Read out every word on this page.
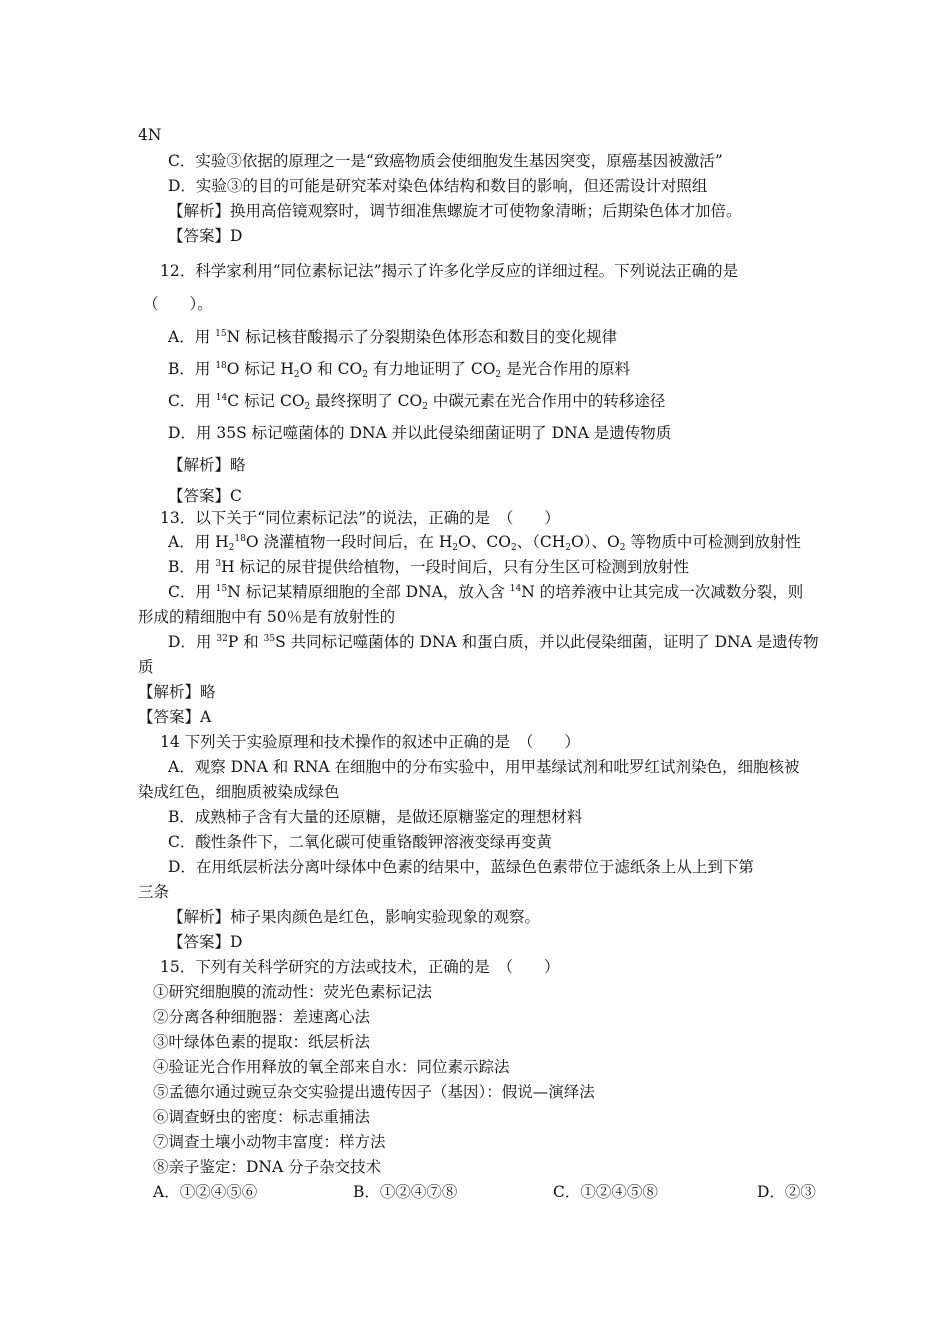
4N
C．实验③依据的原理之一是“致癌物质会使细胞发生基因突变，原癌基因被激活”
D．实验③的目的可能是研究苯对染色体结构和数目的影响，但还需设计对照组
【解析】换用高倍镜观察时，调节细准焦螺旋才可使物象清晰；后期染色体才加倍。
【答案】D
12．科学家利用“同位素标记法”揭示了许多化学反应的详细过程。下列说法正确的是
（　　）。
A．用 $^{15}$N 标记核苷酸揭示了分裂期染色体形态和数目的变化规律
B．用 $^{18}$O 标记 $H_2O$ 和 $CO_2$ 有力地证明了 $CO_2$ 是光合作用的原料
C．用 $^{14}$C 标记 $CO_2$ 最终探明了 $CO_2$ 中碳元素在光合作用中的转移途径
D．用 35S 标记噬菌体的 DNA 并以此侵染细菌证明了 DNA 是遗传物质
【解析】略
【答案】C
13．以下关于“同位素标记法”的说法，正确的是　（　　）
A．用 $H_2^{18}O$ 浇灌植物一段时间后，在 $H_2O$、$CO_2$、$(CH_2O)$、$O_2$ 等物质中可检测到放射性
B．用 $^3$H 标记的尿苷提供给植物，一段时间后，只有分生区可检测到放射性
C．用 $^{15}$N 标记某精原细胞的全部 DNA，放入含 $^{14}$N 的培养液中让其完成一次减数分裂，则
形成的精细胞中有 50％是有放射性的
D．用 $^{32}$P 和 $^{35}$S 共同标记噬菌体的 DNA 和蛋白质，并以此侵染细菌，证明了 DNA 是遗传物
质
【解析】略
【答案】A
14 下列关于实验原理和技术操作的叙述中正确的是　（　　）
A．观察 DNA 和 RNA 在细胞中的分布实验中，用甲基绿试剂和吡罗红试剂染色，细胞核被
染成红色，细胞质被染成绿色
B．成熟柿子含有大量的还原糖，是做还原糖鉴定的理想材料
C．酸性条件下，二氧化碳可使重铬酸钾溶液变绿再变黄
D．在用纸层析法分离叶绿体中色素的结果中，蓝绿色色素带位于滤纸条上从上到下第
三条
【解析】柿子果肉颜色是红色，影响实验现象的观察。
【答案】D
15．下列有关科学研究的方法或技术，正确的是　（　　）
①研究细胞膜的流动性：荧光色素标记法
②分离各种细胞器：差速离心法
③叶绿体色素的提取：纸层析法
④验证光合作用释放的氧全部来自水：同位素示踪法
⑤孟德尔通过豌豆杂交实验提出遗传因子（基因）：假说—演绎法
⑥调查蚜虫的密度：标志重捕法
⑦调查土壤小动物丰富度：样方法
⑧亲子鉴定：DNA 分子杂交技术
A．①②④⑤⑥	B．①②④⑦⑧	C．①②④⑤⑧	D．②③
